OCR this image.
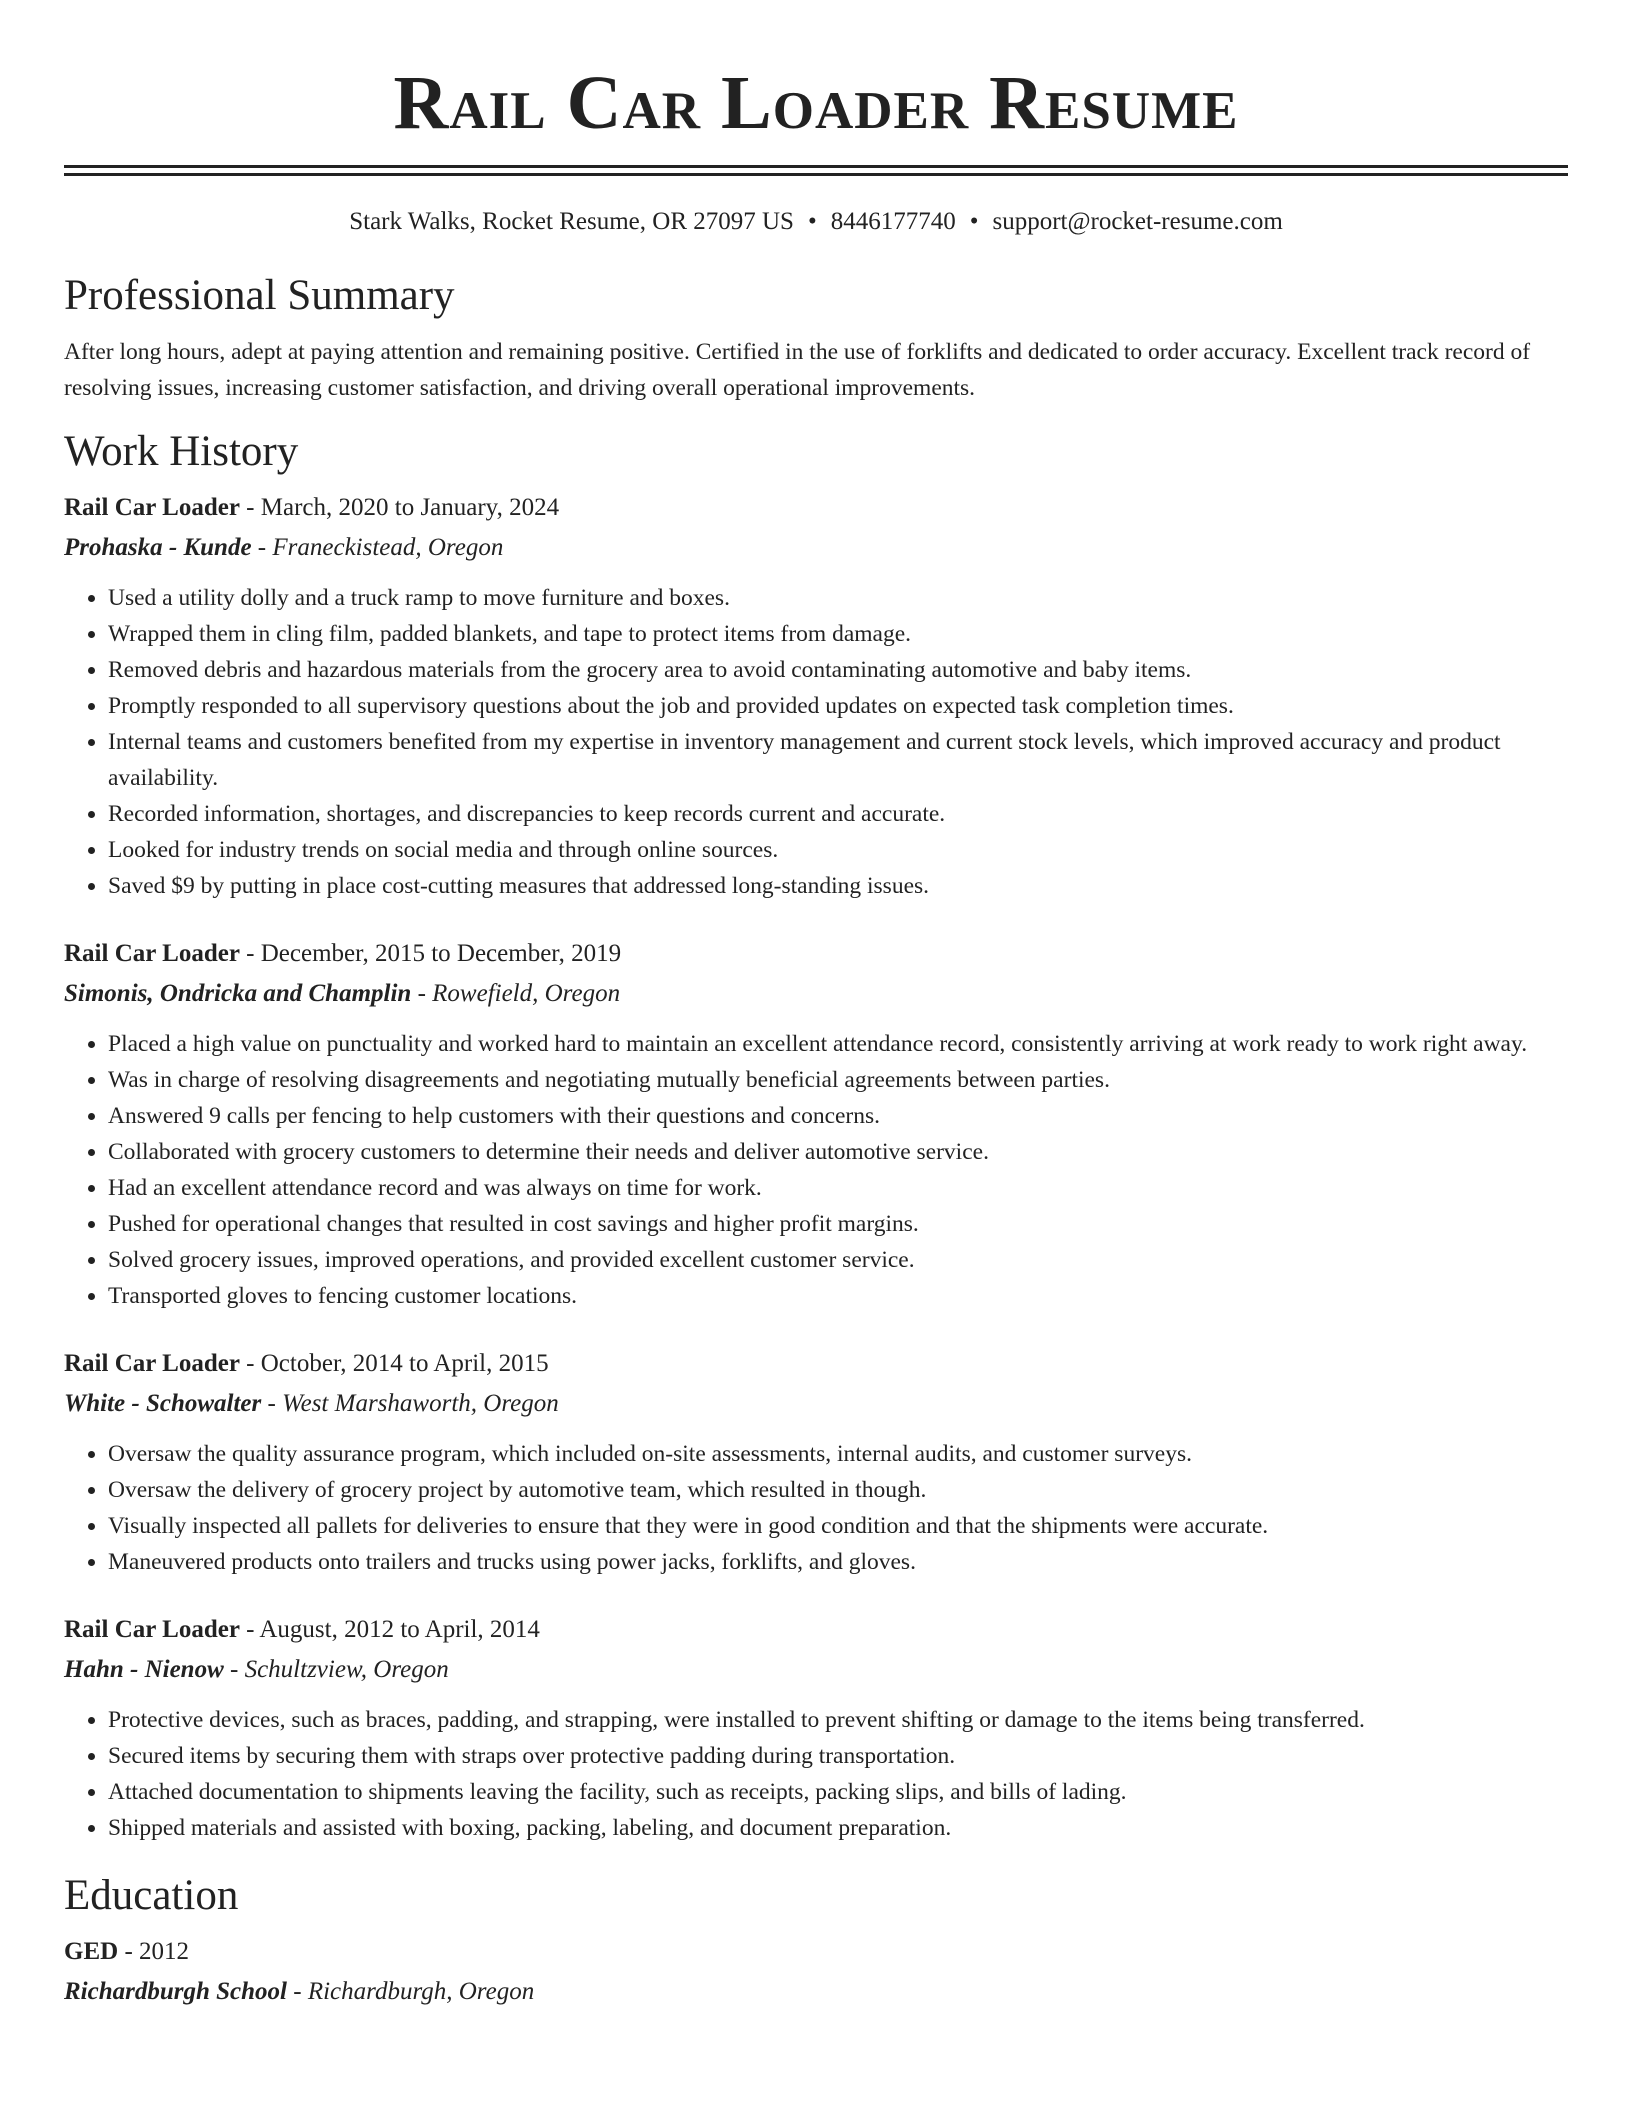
Rail Car Loader Resume
Stark Walks, Rocket Resume, OR 27097 US • 8446177740 • support@rocket-resume.com
Professional Summary
After long hours, adept at paying attention and remaining positive. Certified in the use of forklifts and dedicated to order accuracy. Excellent track record of resolving issues, increasing customer satisfaction, and driving overall operational improvements.
Work History
Rail Car Loader - March, 2020 to January, 2024
Prohaska - Kunde - Franeckistead, Oregon
• Used a utility dolly and a truck ramp to move furniture and boxes.
• Wrapped them in cling film, padded blankets, and tape to protect items from damage.
• Removed debris and hazardous materials from the grocery area to avoid contaminating automotive and baby items.
• Promptly responded to all supervisory questions about the job and provided updates on expected task completion times.
• Internal teams and customers benefited from my expertise in inventory management and current stock levels, which improved accuracy and product availability.
• Recorded information, shortages, and discrepancies to keep records current and accurate.
• Looked for industry trends on social media and through online sources.
• Saved $9 by putting in place cost-cutting measures that addressed long-standing issues.
Rail Car Loader - December, 2015 to December, 2019
Simonis, Ondricka and Champlin - Rowefield, Oregon
• Placed a high value on punctuality and worked hard to maintain an excellent attendance record, consistently arriving at work ready to work right away.
• Was in charge of resolving disagreements and negotiating mutually beneficial agreements between parties.
• Answered 9 calls per fencing to help customers with their questions and concerns.
• Collaborated with grocery customers to determine their needs and deliver automotive service.
• Had an excellent attendance record and was always on time for work.
• Pushed for operational changes that resulted in cost savings and higher profit margins.
• Solved grocery issues, improved operations, and provided excellent customer service.
• Transported gloves to fencing customer locations.
Rail Car Loader - October, 2014 to April, 2015
White - Schowalter - West Marshaworth, Oregon
• Oversaw the quality assurance program, which included on-site assessments, internal audits, and customer surveys.
• Oversaw the delivery of grocery project by automotive team, which resulted in though.
• Visually inspected all pallets for deliveries to ensure that they were in good condition and that the shipments were accurate.
• Maneuvered products onto trailers and trucks using power jacks, forklifts, and gloves.
Rail Car Loader - August, 2012 to April, 2014
Hahn - Nienow - Schultzview, Oregon
• Protective devices, such as braces, padding, and strapping, were installed to prevent shifting or damage to the items being transferred.
• Secured items by securing them with straps over protective padding during transportation.
• Attached documentation to shipments leaving the facility, such as receipts, packing slips, and bills of lading.
• Shipped materials and assisted with boxing, packing, labeling, and document preparation.
Education
GED - 2012
Richardburgh School - Richardburgh, Oregon
